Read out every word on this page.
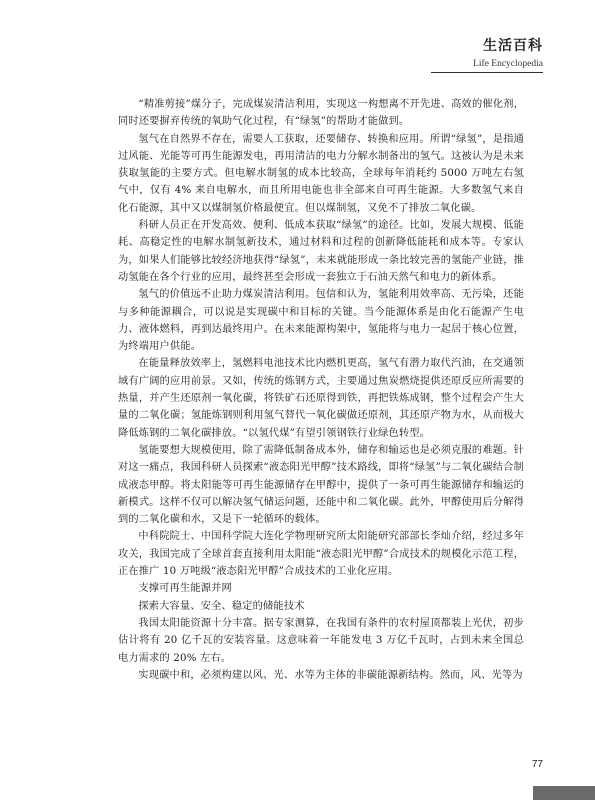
生活百科
Life Encyclopedia

“精准剪接”煤分子，完成煤炭清洁利用，实现这一构想离不开先进、高效的催化剂，同时还要摒弃传统的氧助气化过程，有“绿氢”的帮助才能做到。

氢气在自然界不存在，需要人工获取，还要储存、转换和应用。所谓“绿氢”，是指通过风能、光能等可再生能源发电，再用清洁的电力分解水制备出的氢气。这被认为是未来获取氢能的主要方式。但电解水制氢的成本比较高，全球每年消耗约 5000 万吨左右氢气中，仅有 4% 来自电解水，而且所用电能也非全部来自可再生能源。大多数氢气来自化石能源，其中又以煤制氢价格最便宜。但以煤制氢，又免不了排放二氧化碳。

科研人员正在开发高效、便利、低成本获取“绿氢”的途径。比如，发展大规模、低能耗、高稳定性的电解水制氢新技术，通过材料和过程的创新降低能耗和成本等。专家认为，如果人们能够比较经济地获得“绿氢”，未来就能形成一条比较完善的氢能产业链，推动氢能在各个行业的应用，最终甚至会形成一套独立于石油天然气和电力的新体系。

氢气的价值远不止助力煤炭清洁利用。包信和认为，氢能利用效率高、无污染，还能与多种能源耦合，可以说是实现碳中和目标的关键。当今能源体系是由化石能源产生电力、液体燃料，再到达最终用户。在未来能源构架中，氢能将与电力一起居于核心位置，为终端用户供能。

在能量释放效率上，氢燃料电池技术比内燃机更高，氢气有潜力取代汽油，在交通领域有广阔的应用前景。又如，传统的炼钢方式，主要通过焦炭燃烧提供还原反应所需要的热量，并产生还原剂一氧化碳，将铁矿石还原得到铁，再把铁炼成钢，整个过程会产生大量的二氧化碳；氢能炼钢则利用氢气替代一氧化碳做还原剂，其还原产物为水，从而极大降低炼钢的二氧化碳排放。“以氢代煤”有望引领钢铁行业绿色转型。

氢能要想大规模使用，除了需降低制备成本外，储存和输运也是必须克服的难题。针对这一痛点，我国科研人员探索“液态阳光甲醇”技术路线，即将“绿氢”与二氧化碳结合制成液态甲醇。将太阳能等可再生能源储存在甲醇中，提供了一条可再生能源储存和输运的新模式。这样不仅可以解决氢气储运问题，还能中和二氧化碳。此外，甲醇使用后分解得到的二氧化碳和水，又是下一轮循环的载体。

中科院院士、中国科学院大连化学物理研究所太阳能研究部部长李灿介绍，经过多年攻关，我国完成了全球首套直接利用太阳能“液态阳光甲醇”合成技术的规模化示范工程，正在推广 10 万吨级“液态阳光甲醇”合成技术的工业化应用。

支撑可再生能源并网

探索大容量、安全、稳定的储能技术

我国太阳能资源十分丰富。据专家测算，在我国有条件的农村屋顶都装上光伏，初步估计将有 20 亿千瓦的安装容量。这意味着一年能发电 3 万亿千瓦时，占到未来全国总电力需求的 20% 左右。

实现碳中和，必须构建以风、光、水等为主体的非碳能源新结构。然而，风、光等为

77
